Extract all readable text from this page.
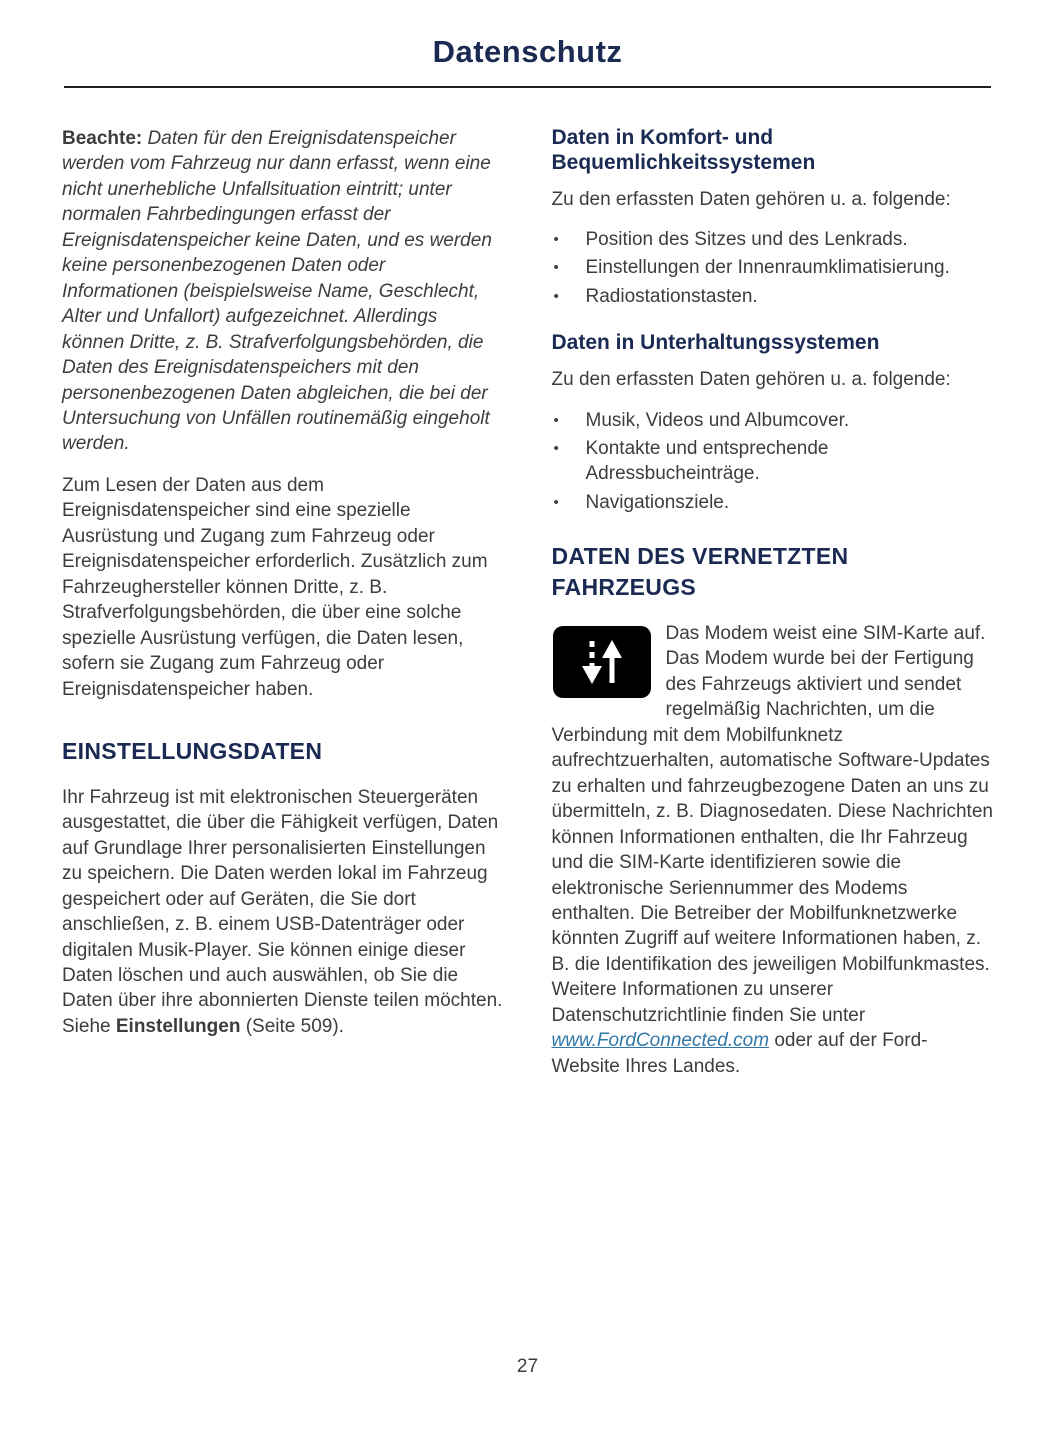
Datenschutz

Beachte: Daten für den Ereignisdatenspeicher werden vom Fahrzeug nur dann erfasst, wenn eine nicht unerhebliche Unfallsituation eintritt; unter normalen Fahrbedingungen erfasst der Ereignisdatenspeicher keine Daten, und es werden keine personenbezogenen Daten oder Informationen (beispielsweise Name, Geschlecht, Alter und Unfallort) aufgezeichnet. Allerdings können Dritte, z. B. Strafverfolgungsbehörden, die Daten des Ereignisdatenspeichers mit den personenbezogenen Daten abgleichen, die bei der Untersuchung von Unfällen routinemäßig eingeholt werden.

Zum Lesen der Daten aus dem Ereignisdatenspeicher sind eine spezielle Ausrüstung und Zugang zum Fahrzeug oder Ereignisdatenspeicher erforderlich. Zusätzlich zum Fahrzeughersteller können Dritte, z. B. Strafverfolgungsbehörden, die über eine solche spezielle Ausrüstung verfügen, die Daten lesen, sofern sie Zugang zum Fahrzeug oder Ereignisdatenspeicher haben.

EINSTELLUNGSDATEN

Ihr Fahrzeug ist mit elektronischen Steuergeräten ausgestattet, die über die Fähigkeit verfügen, Daten auf Grundlage Ihrer personalisierten Einstellungen zu speichern. Die Daten werden lokal im Fahrzeug gespeichert oder auf Geräten, die Sie dort anschließen, z. B. einem USB-Datenträger oder digitalen Musik-Player. Sie können einige dieser Daten löschen und auch auswählen, ob Sie die Daten über ihre abonnierten Dienste teilen möchten. Siehe Einstellungen (Seite 509).

Daten in Komfort- und Bequemlichkeitssystemen

Zu den erfassten Daten gehören u. a. folgende:

• Position des Sitzes und des Lenkrads.
• Einstellungen der Innenraumklimatisierung.
• Radiostationstasten.
Daten in Unterhaltungssystemen

Zu den erfassten Daten gehören u. a. folgende:

• Musik, Videos und Albumcover.
• Kontakte und entsprechende Adressbucheinträge.
• Navigationsziele.
DATEN DES VERNETZTEN FAHRZEUGS

Das Modem weist eine SIM-Karte auf. Das Modem wurde bei der Fertigung des Fahrzeugs aktiviert und sendet regelmäßig Nachrichten, um die Verbindung mit dem Mobilfunknetz aufrechtzuerhalten, automatische Software-Updates zu erhalten und fahrzeugbezogene Daten an uns zu übermitteln, z. B. Diagnosedaten. Diese Nachrichten können Informationen enthalten, die Ihr Fahrzeug und die SIM-Karte identifizieren sowie die elektronische Seriennummer des Modems enthalten. Die Betreiber der Mobilfunknetzwerke könnten Zugriff auf weitere Informationen haben, z. B. die Identifikation des jeweiligen Mobilfunkmastes. Weitere Informationen zu unserer Datenschutzrichtlinie finden Sie unter www.FordConnected.com oder auf der Ford-Website Ihres Landes.

27
